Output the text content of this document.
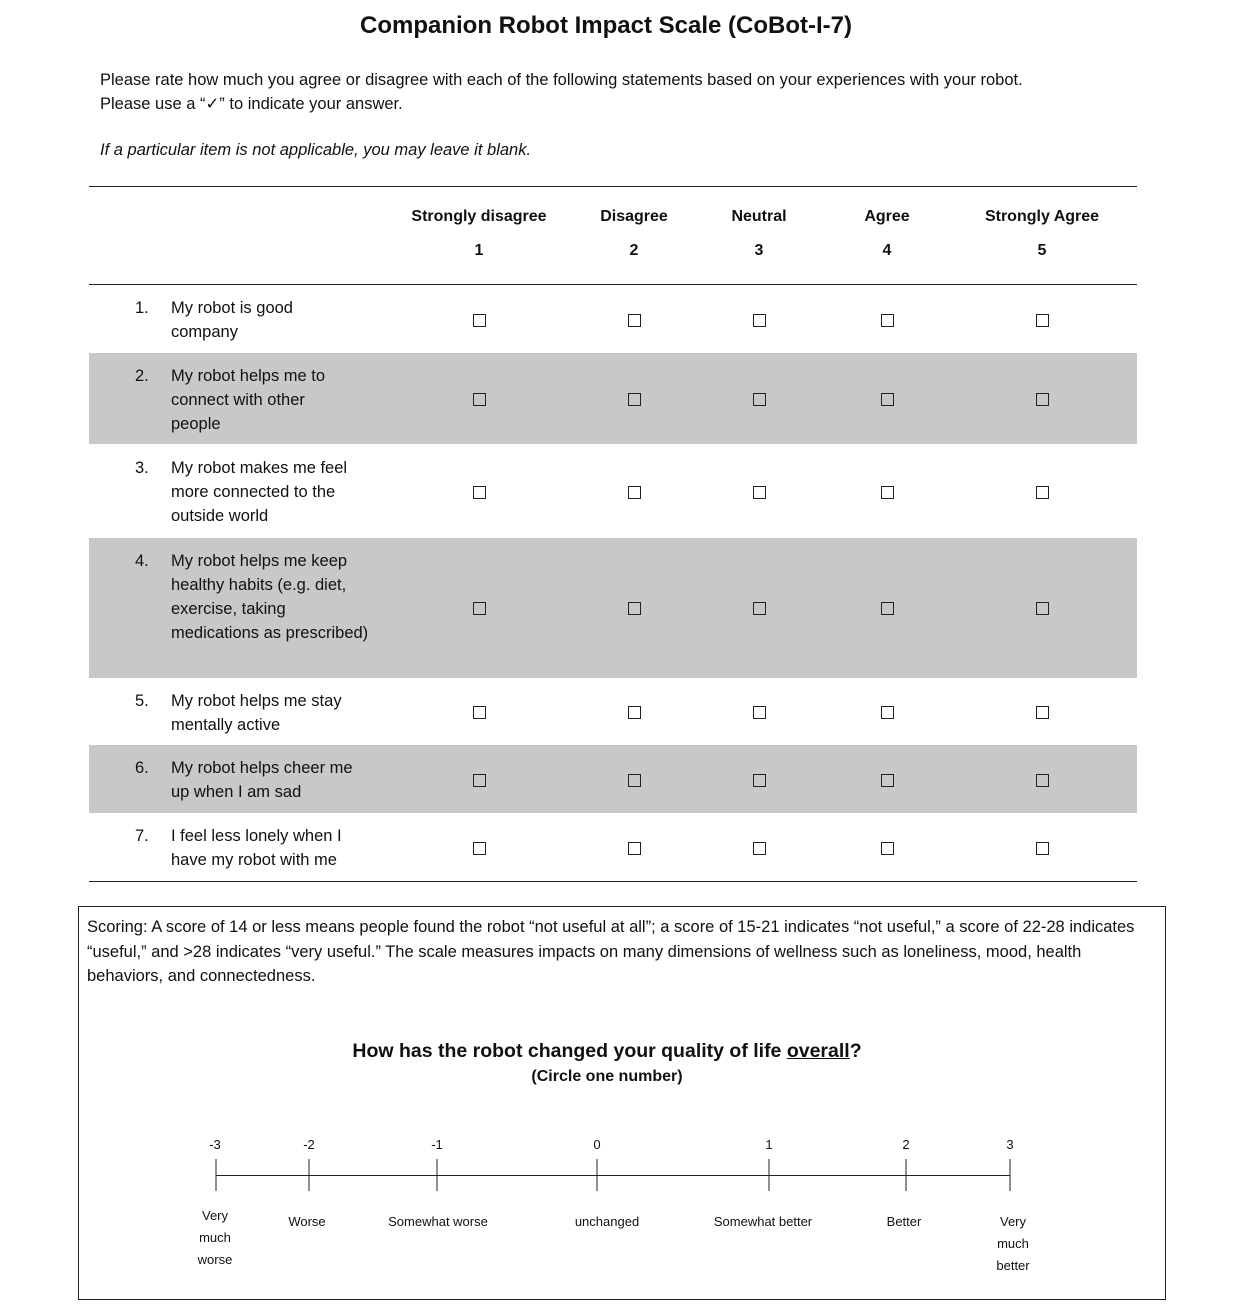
Companion Robot Impact Scale (CoBot-I-7)
Please rate how much you agree or disagree with each of the following statements based on your experiences with your robot.
Please use a “✓” to indicate your answer.
If a particular item is not applicable, you may leave it blank.
Strongly disagree
1
Disagree
2
Neutral
3
Agree
4
Strongly Agree
5
1. My robot is good company
2. My robot helps me to connect with other people
3. My robot makes me feel more connected to the outside world
4. My robot helps me keep healthy habits (e.g. diet, exercise, taking medications as prescribed)
5. My robot helps me stay mentally active
6. My robot helps cheer me up when I am sad
7. I feel less lonely when I have my robot with me
Scoring: A score of 14 or less means people found the robot “not useful at all”; a score of 15-21 indicates “not useful,” a score of 22-28 indicates “useful,” and >28 indicates “very useful.” The scale measures impacts on many dimensions of wellness such as loneliness, mood, health behaviors, and connectedness.
How has the robot changed your quality of life overall?
(Circle one number)
-3	-2	-1	0	1	2	3
Very much worse
Worse	Somewhat worse	unchanged	Somewhat better	Better	Very much better
